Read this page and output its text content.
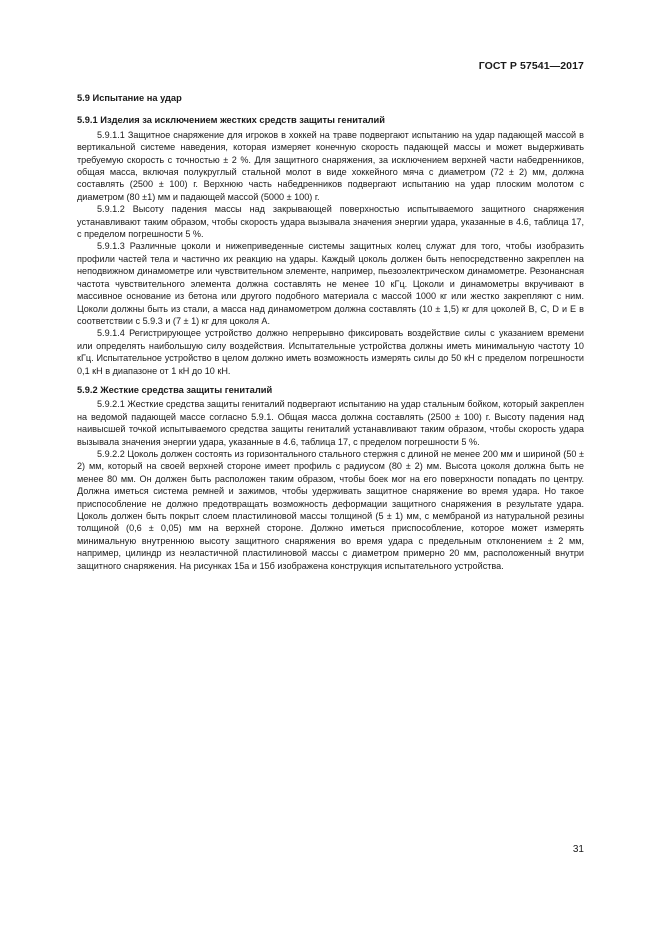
ГОСТ Р 57541—2017
5.9 Испытание на удар
5.9.1 Изделия за исключением жестких средств защиты гениталий

5.9.1.1 Защитное снаряжение для игроков в хоккей на траве подвергают испытанию на удар падающей массой в вертикальной системе наведения, которая измеряет конечную скорость падающей массы и может выдерживать требуемую скорость с точностью ± 2 %. Для защитного снаряжения, за исключением верхней части набедренников, общая масса, включая полукруглый стальной молот в виде хоккейного мяча с диаметром (72 ± 2) мм, должна составлять (2500 ± 100) г. Верхнюю часть набедренников подвергают испытанию на удар плоским молотом с диаметром (80 ±1) мм и падающей массой (5000 ± 100) г.

5.9.1.2 Высоту падения массы над закрывающей поверхностью испытываемого защитного снаряжения устанавливают таким образом, чтобы скорость удара вызывала значения энергии удара, указанные в 4.6, таблица 17, с пределом погрешности 5 %.

5.9.1.3 Различные цоколи и нижеприведенные системы защитных колец служат для того, чтобы изобразить профили частей тела и частично их реакцию на удары. Каждый цоколь должен быть непосредственно закреплен на неподвижном динамометре или чувствительном элементе, например, пьезоэлектрическом динамометре. Резонансная частота чувствительного элемента должна составлять не менее 10 кГц. Цоколи и динамометры вкручивают в массивное основание из бетона или другого подобного материала с массой 1000 кг или жестко закрепляют с ним. Цоколи должны быть из стали, а масса над динамометром должна составлять (10 ± 1,5) кг для цоколей B, C, D и E в соответствии с 5.9.3 и (7 ± 1) кг для цоколя A.

5.9.1.4 Регистрирующее устройство должно непрерывно фиксировать воздействие силы с указанием времени или определять наибольшую силу воздействия. Испытательные устройства должны иметь минимальную частоту 10 кГц. Испытательное устройство в целом должно иметь возможность измерять силы до 50 кН с пределом погрешности 0,1 кН в диапазоне от 1 кН до 10 кН.

5.9.2 Жесткие средства защиты гениталий

5.9.2.1 Жесткие средства защиты гениталий подвергают испытанию на удар стальным бойком, который закреплен на ведомой падающей массе согласно 5.9.1. Общая масса должна составлять (2500 ± 100) г. Высоту падения над наивысшей точкой испытываемого средства защиты гениталий устанавливают таким образом, чтобы скорость удара вызывала значения энергии удара, указанные в 4.6, таблица 17, с пределом погрешности 5 %.

5.9.2.2 Цоколь должен состоять из горизонтального стального стержня с длиной не менее 200 мм и шириной (50 ± 2) мм, который на своей верхней стороне имеет профиль с радиусом (80 ± 2) мм. Высота цоколя должна быть не менее 80 мм. Он должен быть расположен таким образом, чтобы боек мог на его поверхности попадать по центру. Должна иметься система ремней и зажимов, чтобы удерживать защитное снаряжение во время удара. Но такое приспособление не должно предотвращать возможность деформации защитного снаряжения в результате удара. Цоколь должен быть покрыт слоем пластилиновой массы толщиной (5 ± 1) мм, с мембраной из натуральной резины толщиной (0,6 ± 0,05) мм на верхней стороне. Должно иметься приспособление, которое может измерять минимальную внутреннюю высоту защитного снаряжения во время удара с предельным отклонением ± 2 мм, например, цилиндр из неэластичной пластилиновой массы с диаметром примерно 20 мм, расположенный внутри защитного снаряжения. На рисунках 15а и 15б изображена конструкция испытательного устройства.

31
